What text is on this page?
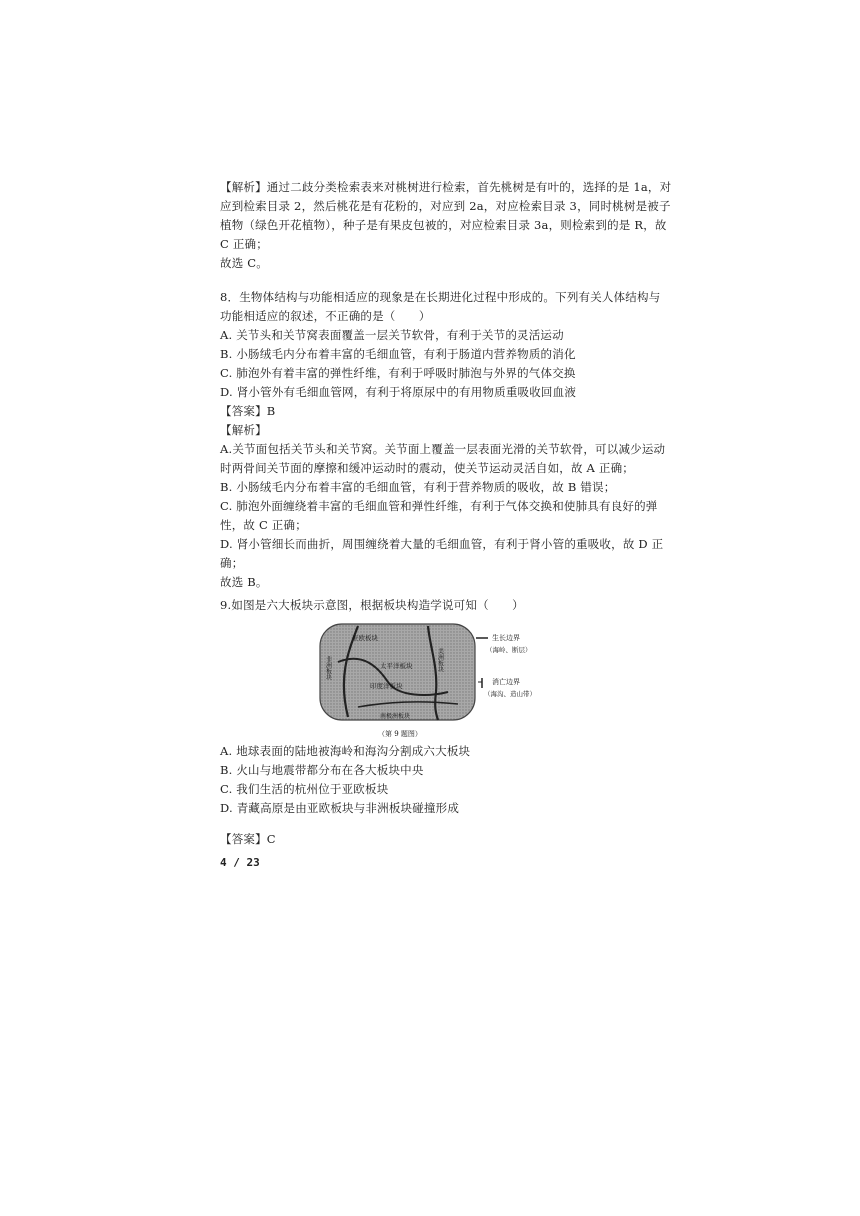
【解析】通过二歧分类检索表来对桃树进行检索，首先桃树是有叶的，选择的是 1a，对
应到检索目录 2，然后桃花是有花粉的，对应到 2a，对应检索目录 3，同时桃树是被子
植物（绿色开花植物），种子是有果皮包被的，对应检索目录 3a，则检索到的是 R，故
C 正确；
故选 C。
8．生物体结构与功能相适应的现象是在长期进化过程中形成的。下列有关人体结构与
功能相适应的叙述，不正确的是（　　）
A. 关节头和关节窝表面覆盖一层关节软骨，有利于关节的灵活运动
B. 小肠绒毛内分布着丰富的毛细血管，有利于肠道内营养物质的消化
C. 肺泡外有着丰富的弹性纤维，有利于呼吸时肺泡与外界的气体交换
D. 肾小管外有毛细血管网，有利于将原尿中的有用物质重吸收回血液
【答案】B
【解析】
A.关节面包括关节头和关节窝。关节面上覆盖一层表面光滑的关节软骨，可以减少运动
时两骨间关节面的摩擦和缓冲运动时的震动，使关节运动灵活自如，故 A 正确；
B. 小肠绒毛内分布着丰富的毛细血管，有利于营养物质的吸收，故 B 错误；
C. 肺泡外面缠绕着丰富的毛细血管和弹性纤维，有利于气体交换和使肺具有良好的弹
性，故 C 正确；
D. 肾小管细长而曲折，周围缠绕着大量的毛细血管，有利于肾小管的重吸收，故 D 正
确；
故选 B。
9.如图是六大板块示意图，根据板块构造学说可知（　　）
亚欧板块
太平洋板块
印度洋板块
南极洲板块
美洲板块
非洲板块
生长边界
（海岭、断层）
消亡边界
（海沟、造山带）
（第 9 题图）
A. 地球表面的陆地被海岭和海沟分割成六大板块
B. 火山与地震带都分布在各大板块中央
C. 我们生活的杭州位于亚欧板块
D. 青藏高原是由亚欧板块与非洲板块碰撞形成
【答案】C
4 / 23
